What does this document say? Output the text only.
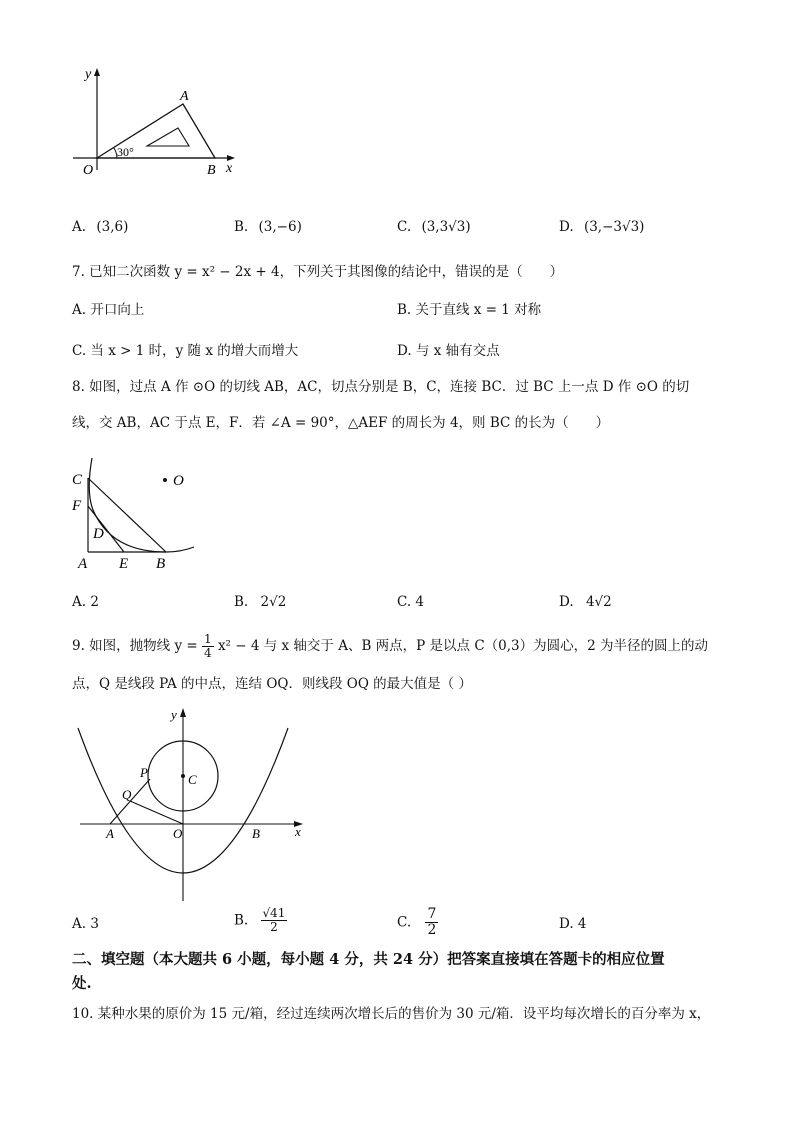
y
x
O
A
B
30°
A. (3,6)	B. (3,−6)	C. (3,3√3)	D. (3,−3√3)
7. 已知二次函数 y = x² − 2x + 4，下列关于其图像的结论中，错误的是（　　）
A. 开口向上	B. 关于直线 x = 1 对称
C. 当 x > 1 时，y 随 x 的增大而增大	D. 与 x 轴有交点
8. 如图，过点 A 作 ⊙O 的切线 AB，AC，切点分别是 B，C，连接 BC．过 BC 上一点 D 作 ⊙O 的切
线，交 AB，AC 于点 E，F．若 ∠A = 90°，△AEF 的周长为 4，则 BC 的长为（　　）
C	O
F
D
A E B
A. 2	B. 2√2	C. 4	D. 4√2
9. 如图，抛物线 $y = \frac{1}{4} x^2 - 4$ 与 x 轴交于 A、B 两点，P 是以点 C（0,3）为圆心，2 为半径的圆上的动
点，Q 是线段 PA 的中点，连结 OQ．则线段 OQ 的最大值是（ ）
y
x
P	C
Q
A	O	B
A. 3	B. $\frac{√41}{2}$	C. $\frac{7}{2}$	D. 4
二、填空题（本大题共 6 小题，每小题 4 分，共 24 分）把答案直接填在答题卡的相应位置
处.
10. 某种水果的原价为 15 元/箱，经过连续两次增长后的售价为 30 元/箱．设平均每次增长的百分率为 x，
